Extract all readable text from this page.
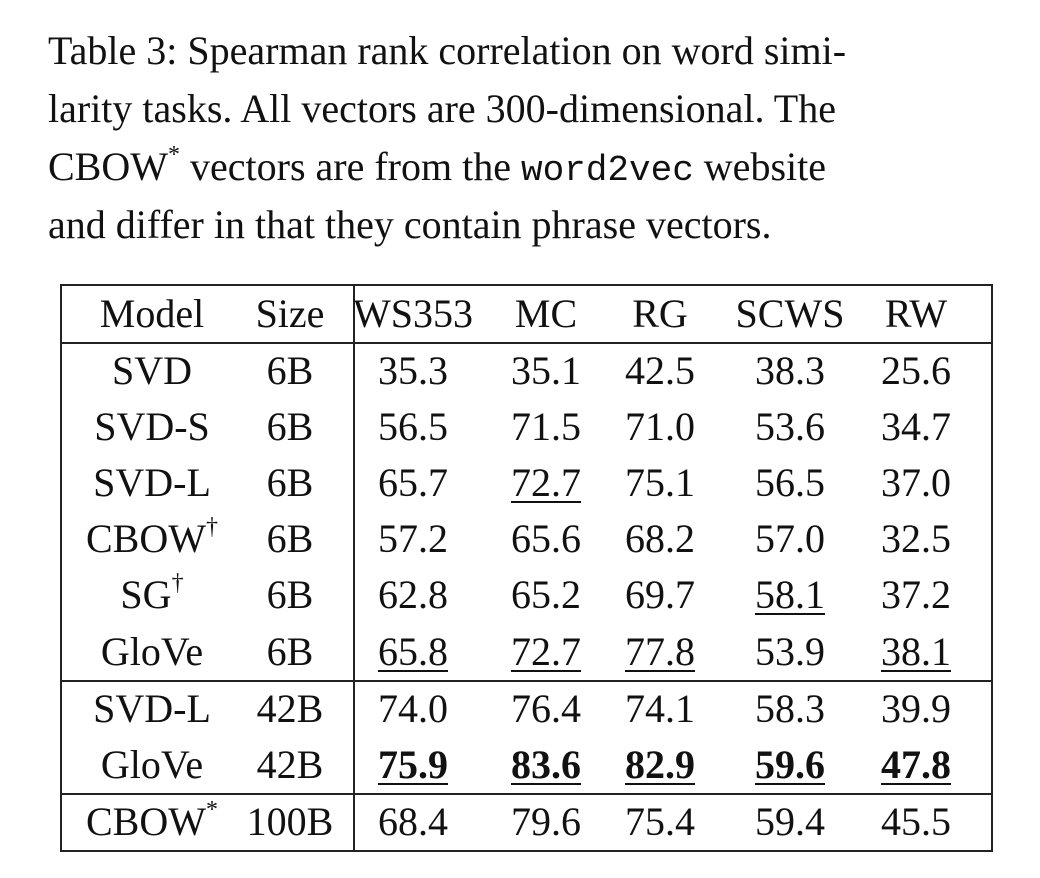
Table 3: Spearman rank correlation on word simi-
larity tasks. All vectors are 300-dimensional. The
CBOW* vectors are from the word2vec website
and differ in that they contain phrase vectors.
Model	Size WS353	MC	RG	SCWS	RW
SVD	6B	35.3	35.1	42.5	38.3	25.6
SVD-S	6B	56.5	71.5	71.0	53.6	34.7
SVD-L	6B	65.7	72.7	75.1	56.5	37.0
CBOW†	6B	57.2	65.6	68.2	57.0	32.5
SG†	6B	62.8	65.2	69.7	58.1	37.2
GloVe	6B	65.8	72.7	77.8	53.9	38.1
SVD-L	42B	74.0	76.4	74.1	58.3	39.9
GloVe	42B	75.9	83.6	82.9	59.6	47.8
CBOW* 100B	68.4	79.6	75.4	59.4	45.5
